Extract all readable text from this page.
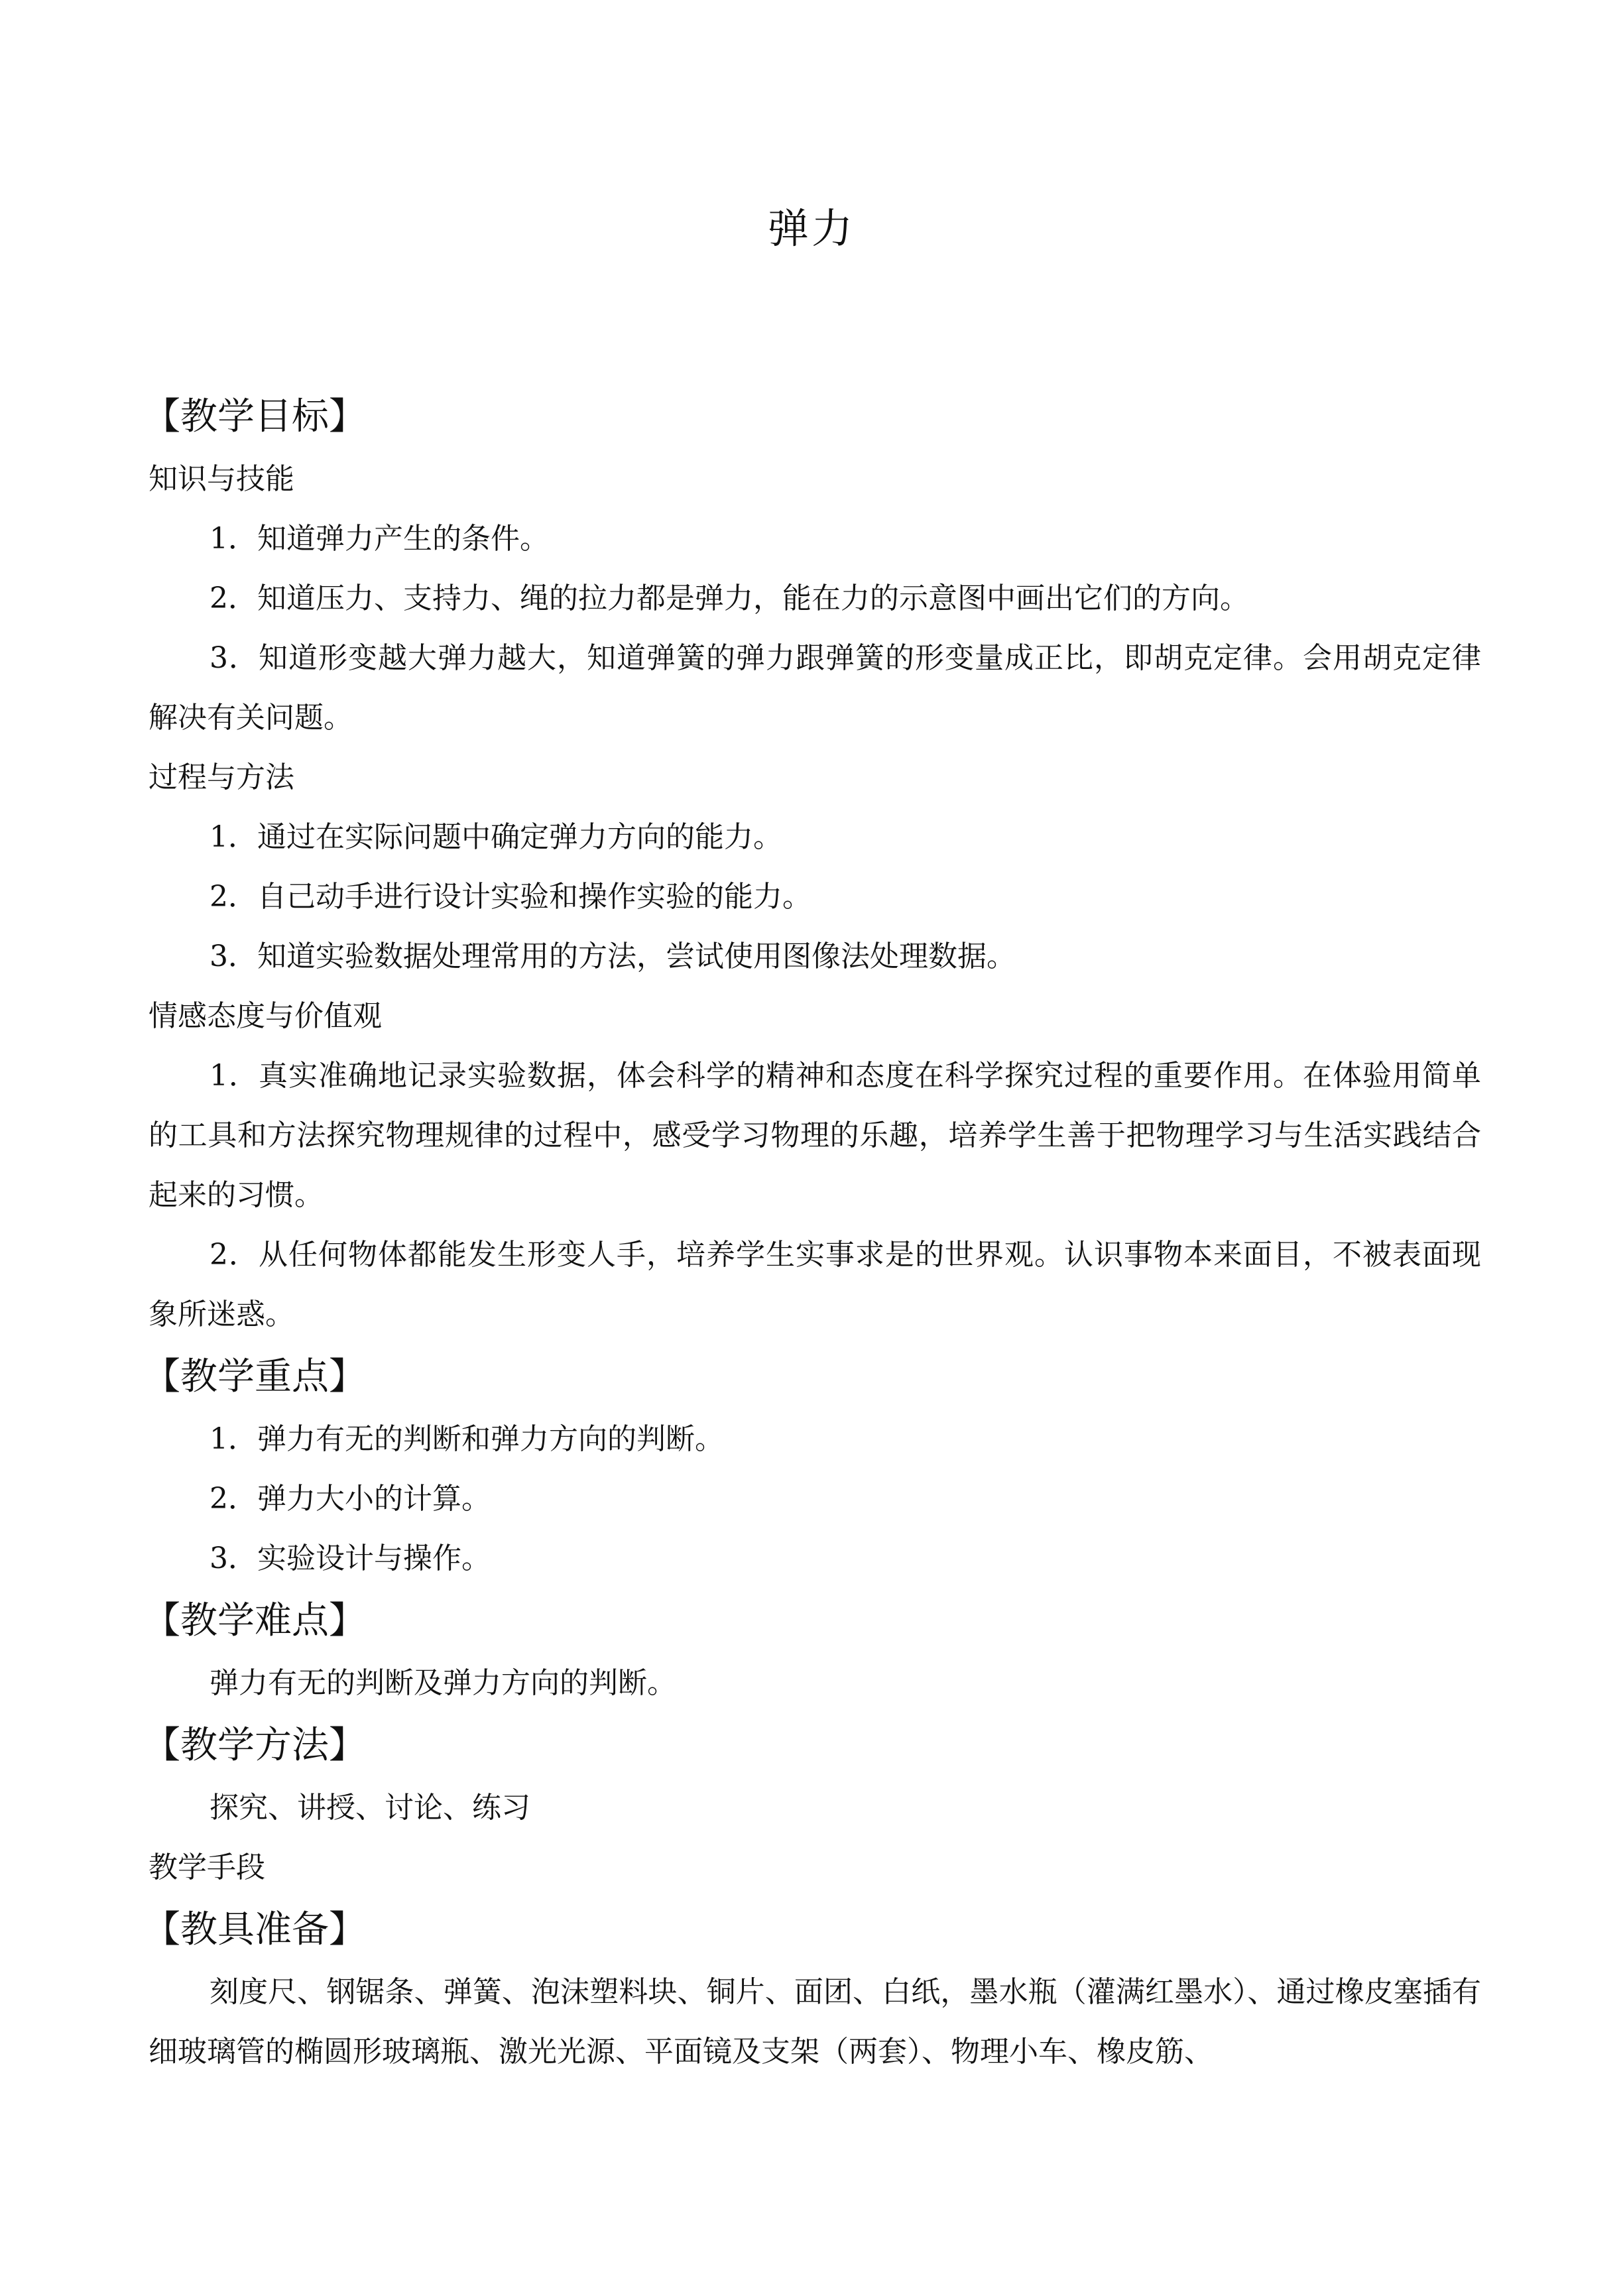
弹力
【教学目标】
知识与技能
1．知道弹力产生的条件。
2．知道压力、支持力、绳的拉力都是弹力，能在力的示意图中画出它们的方向。
3．知道形变越大弹力越大，知道弹簧的弹力跟弹簧的形变量成正比，即胡克定律。会用胡克定律解决有关问题。
过程与方法
1．通过在实际问题中确定弹力方向的能力。
2．自己动手进行设计实验和操作实验的能力。
3．知道实验数据处理常用的方法，尝试使用图像法处理数据。
情感态度与价值观
1．真实准确地记录实验数据，体会科学的精神和态度在科学探究过程的重要作用。在体验用简单的工具和方法探究物理规律的过程中，感受学习物理的乐趣，培养学生善于把物理学习与生活实践结合起来的习惯。
2．从任何物体都能发生形变人手，培养学生实事求是的世界观。认识事物本来面目，不被表面现象所迷惑。
【教学重点】
1．弹力有无的判断和弹力方向的判断。
2．弹力大小的计算。
3．实验设计与操作。
【教学难点】
弹力有无的判断及弹力方向的判断。
【教学方法】
探究、讲授、讨论、练习
教学手段
【教具准备】
刻度尺、钢锯条、弹簧、泡沫塑料块、铜片、面团、白纸，墨水瓶（灌满红墨水）、通过橡皮塞插有细玻璃管的椭圆形玻璃瓶、激光光源、平面镜及支架（两套）、物理小车、橡皮筋、
